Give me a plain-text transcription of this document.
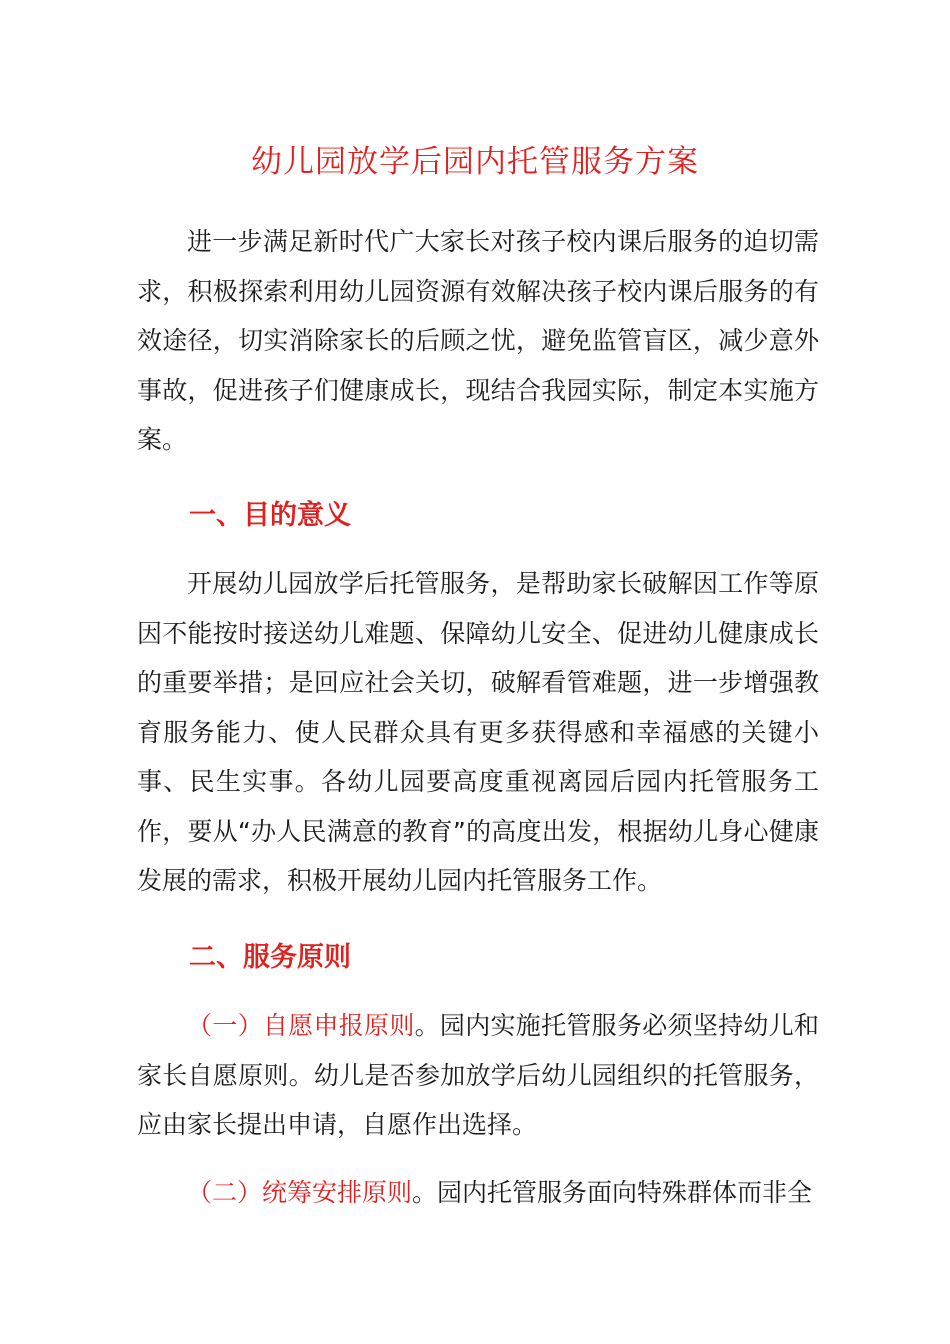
幼儿园放学后园内托管服务方案

进一步满足新时代广大家长对孩子校内课后服务的迫切需求，积极探索利用幼儿园资源有效解决孩子校内课后服务的有效途径，切实消除家长的后顾之忧，避免监管盲区，减少意外事故，促进孩子们健康成长，现结合我园实际，制定本实施方案。

一、目的意义

开展幼儿园放学后托管服务，是帮助家长破解因工作等原因不能按时接送幼儿难题、保障幼儿安全、促进幼儿健康成长的重要举措；是回应社会关切，破解看管难题，进一步增强教育服务能力、使人民群众具有更多获得感和幸福感的关键小事、民生实事。各幼儿园要高度重视离园后园内托管服务工作，要从“办人民满意的教育”的高度出发，根据幼儿身心健康发展的需求，积极开展幼儿园内托管服务工作。

二、服务原则

（一）自愿申报原则。园内实施托管服务必须坚持幼儿和家长自愿原则。幼儿是否参加放学后幼儿园组织的托管服务，应由家长提出申请，自愿作出选择。

（二）统筹安排原则。园内托管服务面向特殊群体而非全
